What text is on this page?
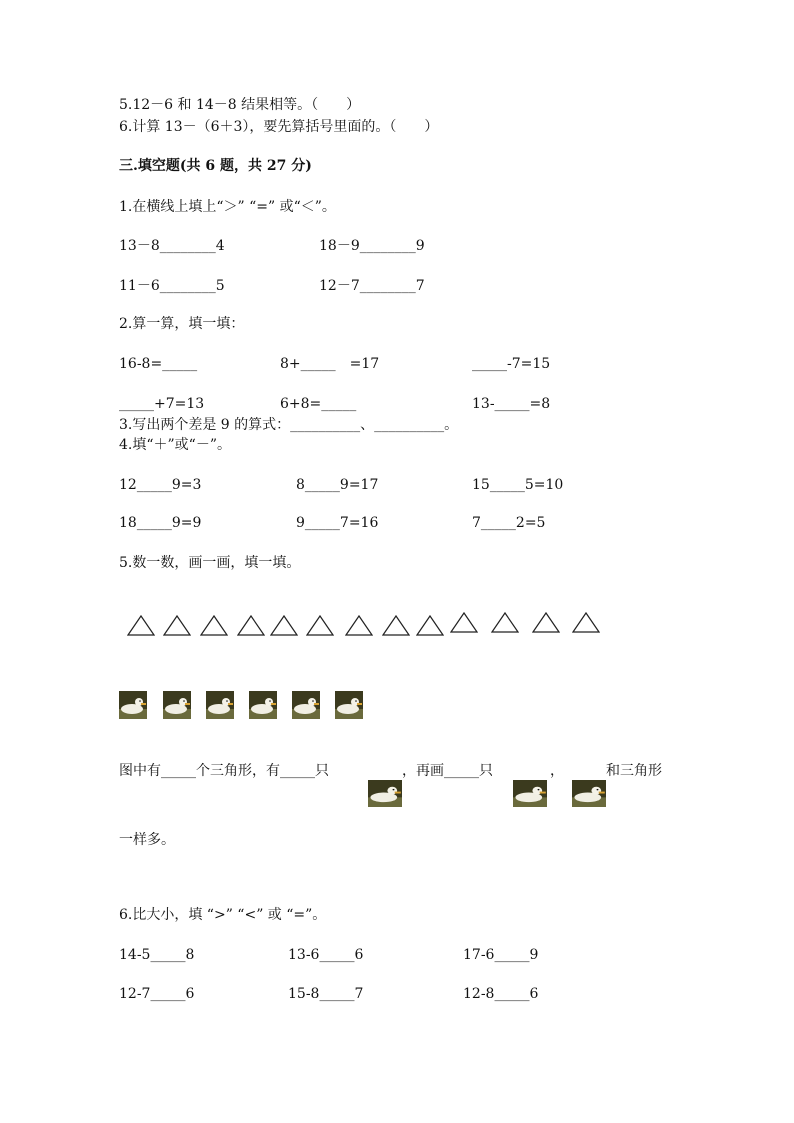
5.12－6 和 14－8 结果相等。（　　）
6.计算 13－（6＋3），要先算括号里面的。（　　）
三.填空题(共 6 题，共 27 分)
1.在横线上填上“＞” “=” 或“＜”。
13－8________4	18－9________9
11－6________5	12－7________7
2.算一算，填一填：
16-8=_____	8+_____　=17	_____-7=15
_____+7=13	6+8=_____	13-_____=8
3.写出两个差是 9 的算式：__________、__________。
4.填“＋”或“－”。
12_____9=3	8_____9=17	15_____5=10
18_____9=9	9_____7=16	7_____2=5
5.数一数，画一画，填一填。
图中有_____个三角形，有_____只	，再画_____只	，	和三角形
一样多。
6.比大小，填 “>” “<” 或 “=”。
14-5_____8	13-6_____6	17-6_____9
12-7_____6	15-8_____7	12-8_____6
